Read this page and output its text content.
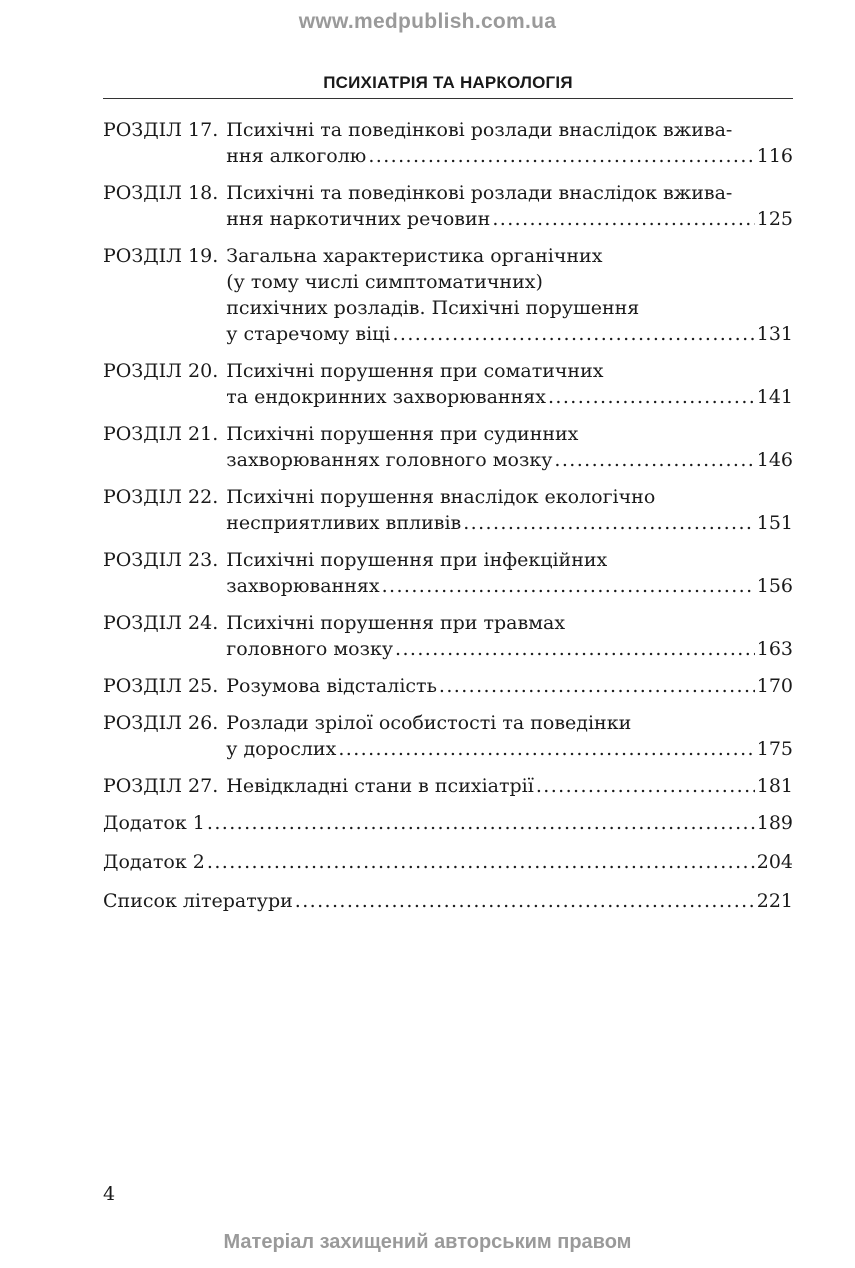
www.medpublish.com.ua
ПСИХІАТРІЯ ТА НАРКОЛОГІЯ
РОЗДІЛ 17. Психічні та поведінкові розлади внаслідок вжива-
ння алкоголю .....	116
РОЗДІЛ 18. Психічні та поведінкові розлади внаслідок вжива-
ння наркотичних речовин .....	125
РОЗДІЛ 19. Загальна характеристика органічних
(у тому числі симптоматичних)
психічних розладів. Психічні порушення
у старечому віці .....	131
РОЗДІЛ 20. Психічні порушення при соматичних
та ендокринних захворюваннях .....	141
РОЗДІЛ 21. Психічні порушення при судинних
захворюваннях головного мозку .....	146
РОЗДІЛ 22. Психічні порушення внаслідок екологічно
несприятливих впливів .....	151
РОЗДІЛ 23. Психічні порушення при інфекційних
захворюваннях .....	156
РОЗДІЛ 24. Психічні порушення при травмах
головного мозку .....	163
РОЗДІЛ 25. Розумова відсталість .....	170
РОЗДІЛ 26. Розлади зрілої особистості та поведінки
у дорослих .....	175
РОЗДІЛ 27. Невідкладні стани в психіатрії .....	181
Додаток 1 .....	189
Додаток 2 .....	204
Список літератури .....	221
4
Матеріал захищений авторським правом
